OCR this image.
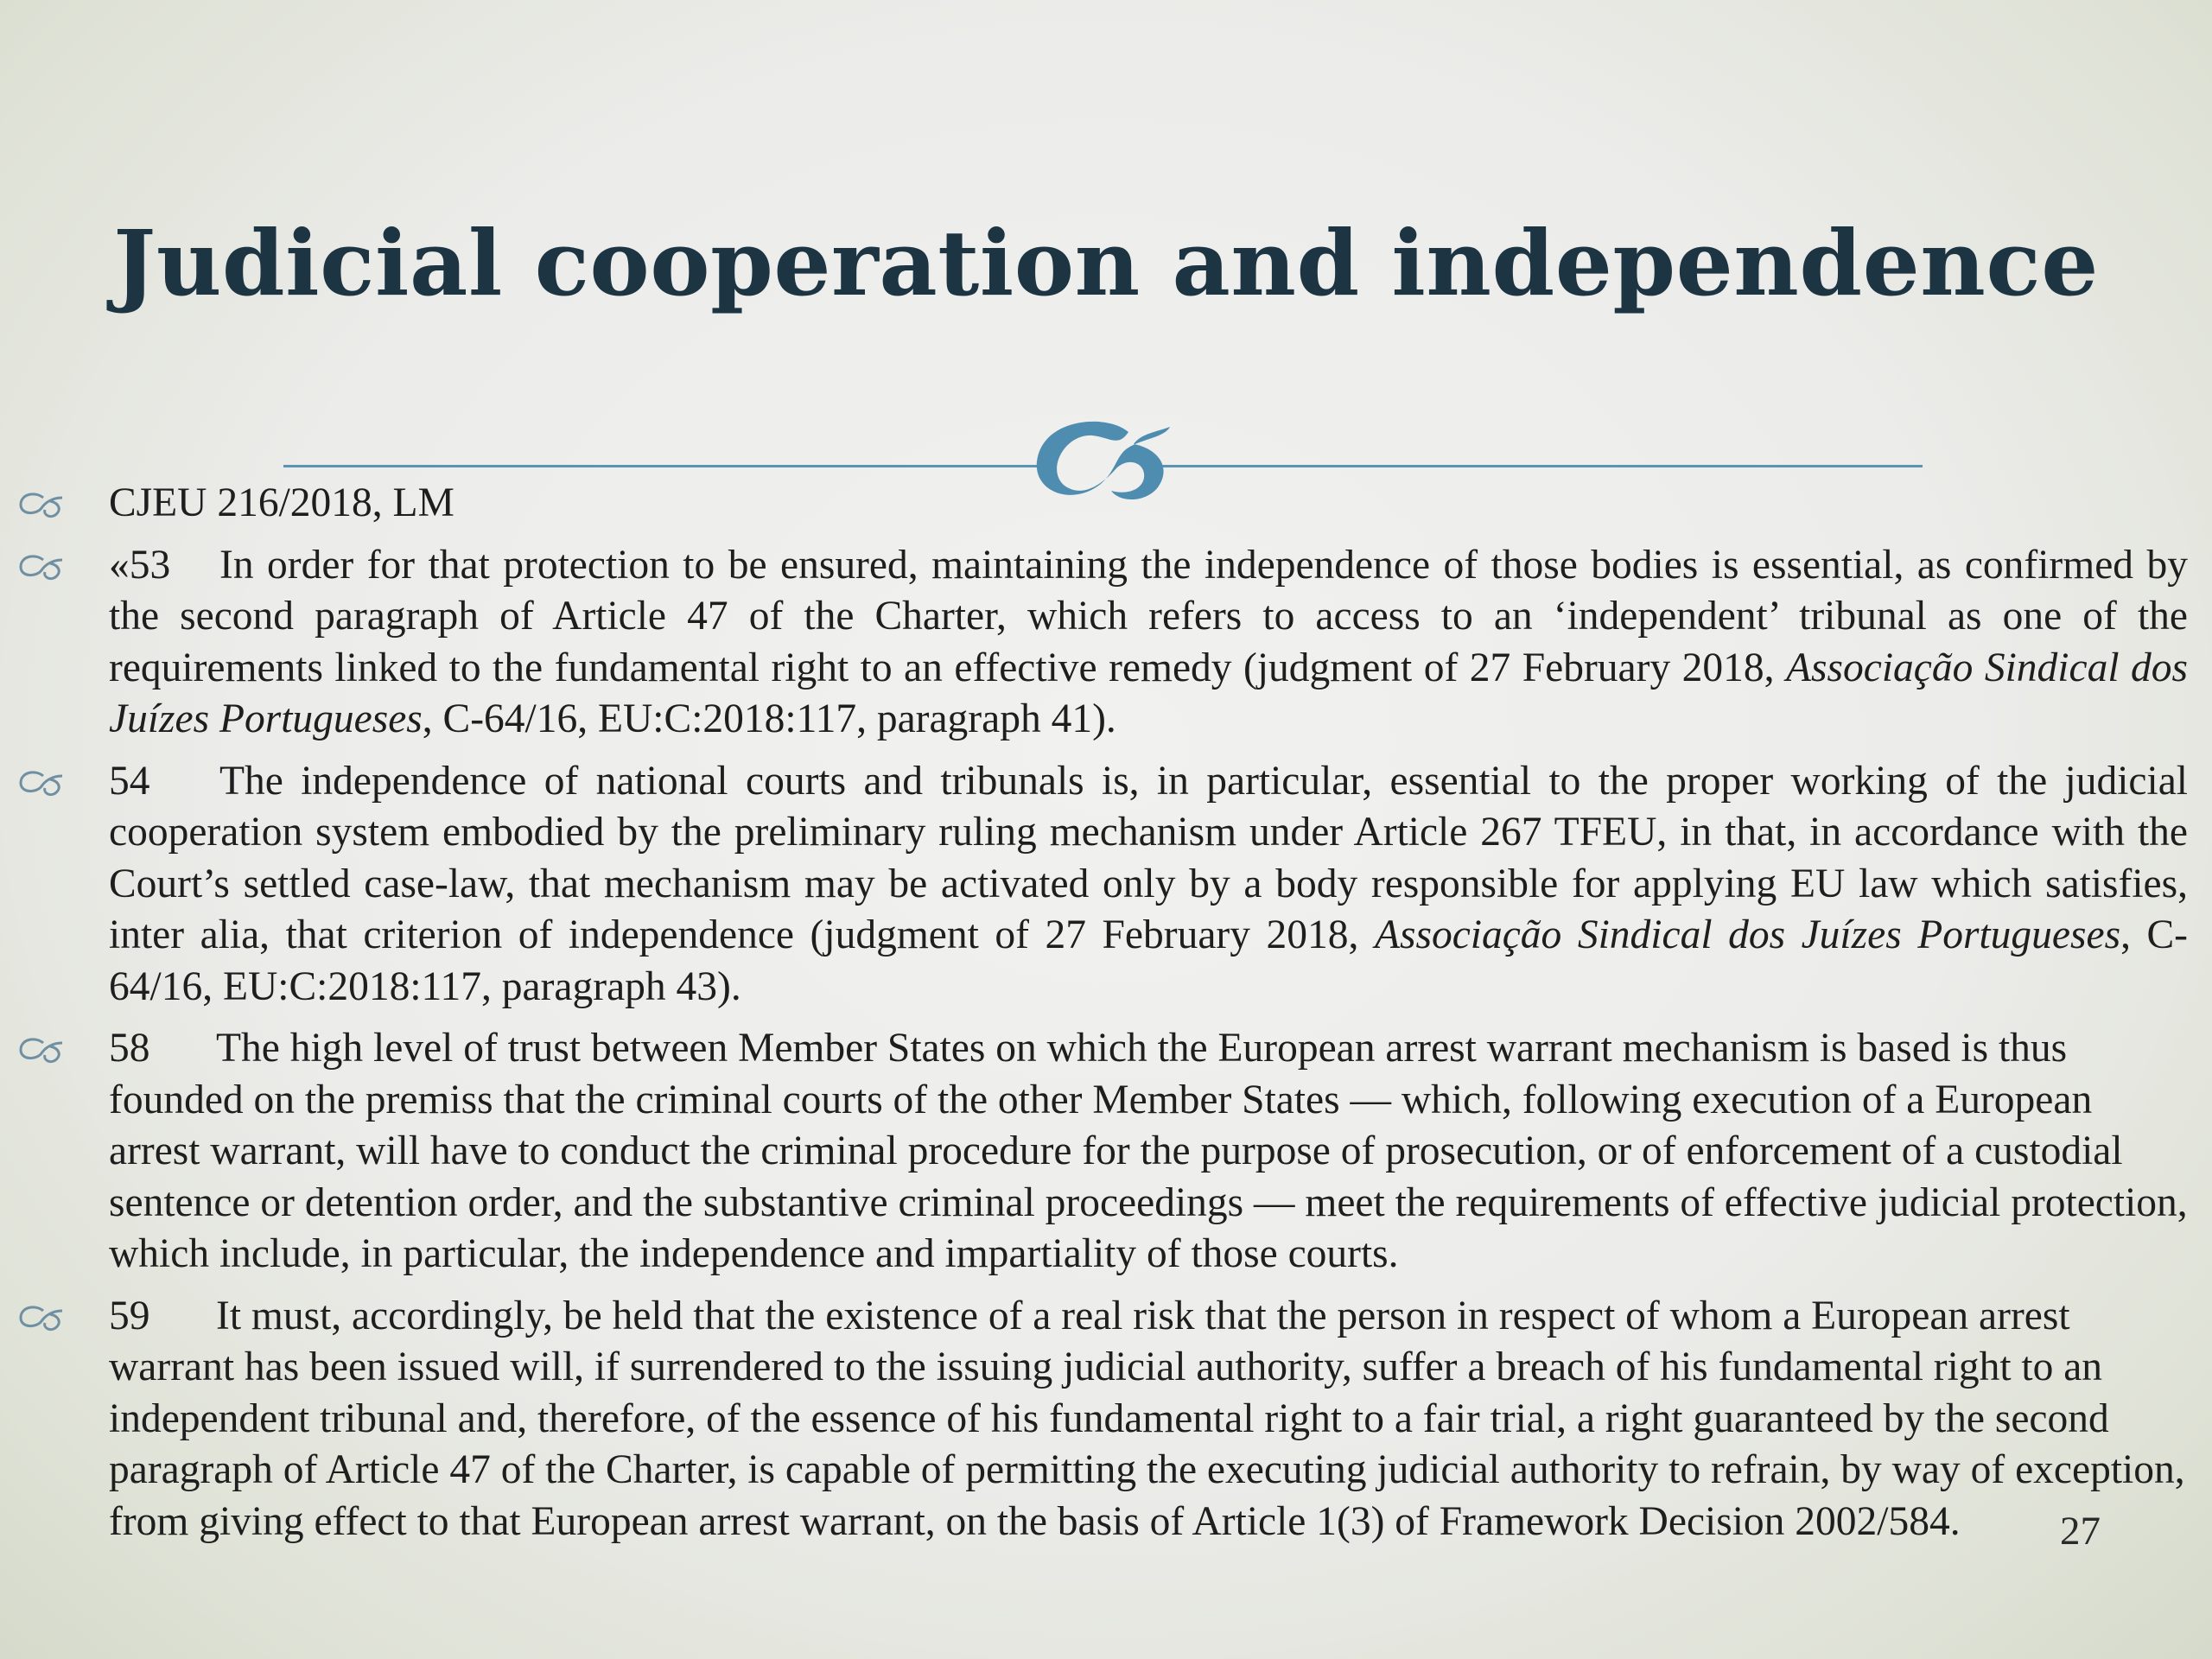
Judicial cooperation and independence
CJEU 216/2018, LM
«53 In order for that protection to be ensured, maintaining the independence of those bodies is essential, as confirmed by the second paragraph of Article 47 of the Charter, which refers to access to an ‘independent’ tribunal as one of the requirements linked to the fundamental right to an effective remedy (judgment of 27 February 2018, Associação Sindical dos Juízes Portugueses, C-64/16, EU:C:2018:117, paragraph 41).
54 The independence of national courts and tribunals is, in particular, essential to the proper working of the judicial cooperation system embodied by the preliminary ruling mechanism under Article 267 TFEU, in that, in accordance with the Court’s settled case-law, that mechanism may be activated only by a body responsible for applying EU law which satisfies, inter alia, that criterion of independence (judgment of 27 February 2018, Associação Sindical dos Juízes Portugueses, C-64/16, EU:C:2018:117, paragraph 43).
58 The high level of trust between Member States on which the European arrest warrant mechanism is based is thus founded on the premiss that the criminal courts of the other Member States — which, following execution of a European arrest warrant, will have to conduct the criminal procedure for the purpose of prosecution, or of enforcement of a custodial sentence or detention order, and the substantive criminal proceedings — meet the requirements of effective judicial protection, which include, in particular, the independence and impartiality of those courts.
59 It must, accordingly, be held that the existence of a real risk that the person in respect of whom a European arrest warrant has been issued will, if surrendered to the issuing judicial authority, suffer a breach of his fundamental right to an independent tribunal and, therefore, of the essence of his fundamental right to a fair trial, a right guaranteed by the second paragraph of Article 47 of the Charter, is capable of permitting the executing judicial authority to refrain, by way of exception, from giving effect to that European arrest warrant, on the basis of Article 1(3) of Framework Decision 2002/584.	27
